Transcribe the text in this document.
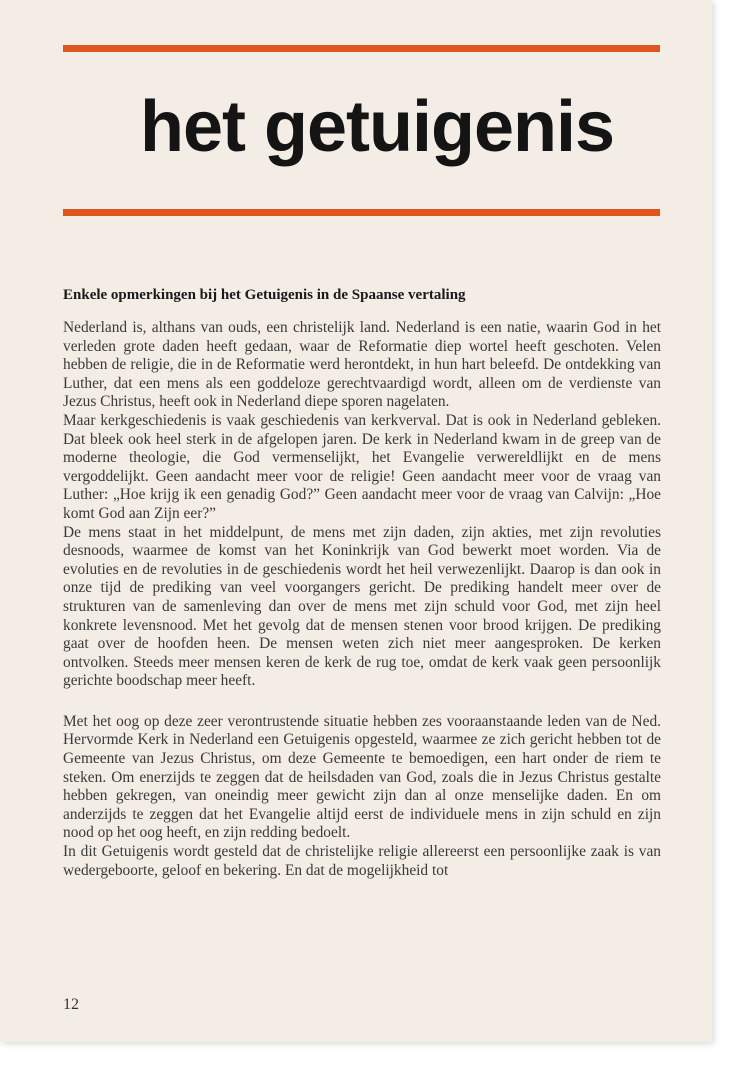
het getuigenis
Enkele opmerkingen bij het Getuigenis in de Spaanse vertaling

Nederland is, althans van ouds, een christelijk land. Nederland is een natie, waarin God in het verleden grote daden heeft gedaan, waar de Reformatie diep wortel heeft geschoten. Velen hebben de religie, die in de Reformatie werd herontdekt, in hun hart beleefd. De ontdekking van Luther, dat een mens als een goddeloze gerechtvaardigd wordt, alleen om de verdienste van Jezus Christus, heeft ook in Nederland diepe sporen nagelaten.

Maar kerkgeschiedenis is vaak geschiedenis van kerkverval. Dat is ook in Nederland gebleken. Dat bleek ook heel sterk in de afgelopen jaren. De kerk in Nederland kwam in de greep van de moderne theologie, die God vermenselijkt, het Evangelie verwereldlijkt en de mens vergoddelijkt. Geen aandacht meer voor de religie! Geen aandacht meer voor de vraag van Luther: „Hoe krijg ik een genadig God?” Geen aandacht meer voor de vraag van Calvijn: „Hoe komt God aan Zijn eer?”

De mens staat in het middelpunt, de mens met zijn daden, zijn akties, met zijn revoluties desnoods, waarmee de komst van het Koninkrijk van God bewerkt moet worden. Via de evoluties en de revoluties in de geschiedenis wordt het heil verwezenlijkt. Daarop is dan ook in onze tijd de prediking van veel voorgangers gericht. De prediking handelt meer over de strukturen van de samenleving dan over de mens met zijn schuld voor God, met zijn heel konkrete levensnood. Met het gevolg dat de mensen stenen voor brood krijgen. De prediking gaat over de hoofden heen. De mensen weten zich niet meer aangesproken. De kerken ontvolken. Steeds meer mensen keren de kerk de rug toe, omdat de kerk vaak geen persoonlijk gerichte boodschap meer heeft.

Met het oog op deze zeer verontrustende situatie hebben zes vooraanstaande leden van de Ned. Hervormde Kerk in Nederland een Getuigenis opgesteld, waarmee ze zich gericht hebben tot de Gemeente van Jezus Christus, om deze Gemeente te bemoedigen, een hart onder de riem te steken. Om enerzijds te zeggen dat de heilsdaden van God, zoals die in Jezus Christus gestalte hebben gekregen, van oneindig meer gewicht zijn dan al onze menselijke daden. En om anderzijds te zeggen dat het Evangelie altijd eerst de individuele mens in zijn schuld en zijn nood op het oog heeft, en zijn redding bedoelt.

In dit Getuigenis wordt gesteld dat de christelijke religie allereerst een persoonlijke zaak is van wedergeboorte, geloof en bekering. En dat de mogelijkheid tot

12
